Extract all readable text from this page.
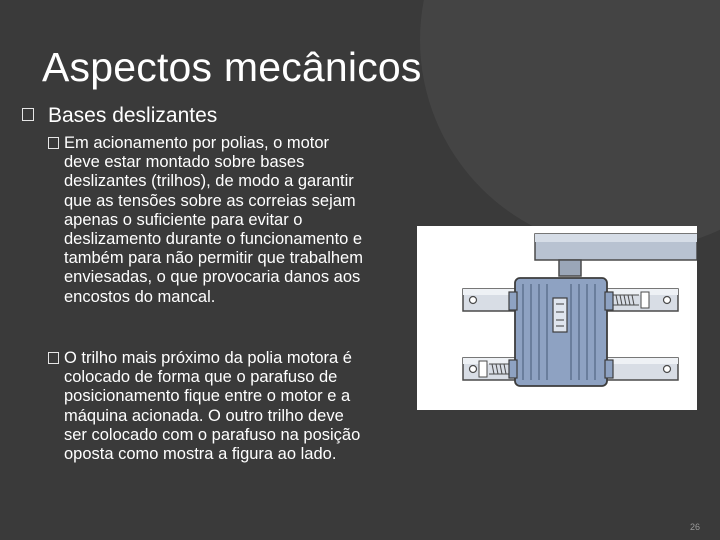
Aspectos mecânicos
Bases deslizantes
Em acionamento por polias, o motor deve estar montado sobre bases deslizantes (trilhos), de modo a garantir que as tensões sobre as correias sejam apenas o suficiente para evitar o deslizamento durante o funcionamento e também para não permitir que trabalhem enviesadas, o que provocaria danos aos encostos do mancal.
O trilho mais próximo da polia motora é colocado de forma que o parafuso de posicionamento fique entre o motor e a máquina acionada. O outro trilho deve ser colocado com o parafuso na posição oposta como mostra a figura ao lado.
26
